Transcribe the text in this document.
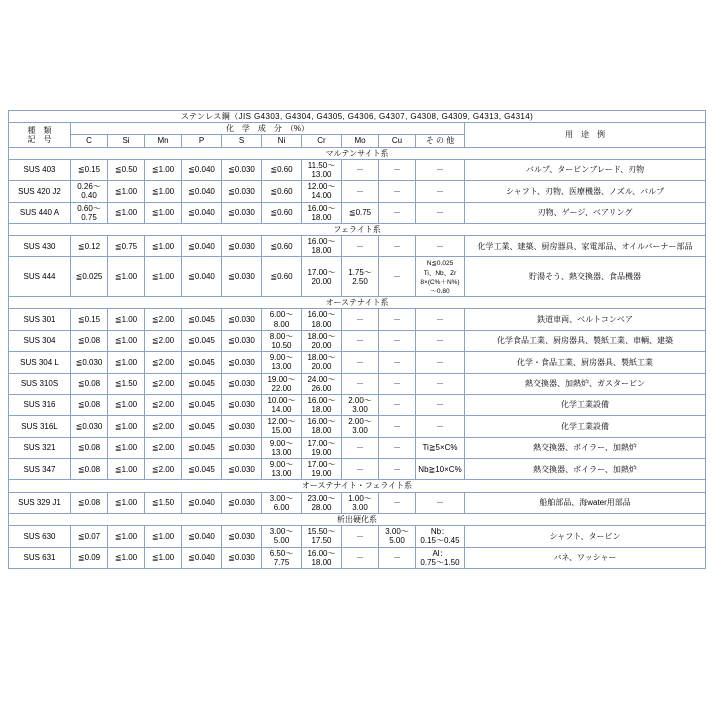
ステンレス鋼（JIS G4303, G4304, G4305, G4306, G4307, G4308, G4309, G4313, G4314)											
種　類
記　号	化　学　成　分　（%）										用　途　例
	C	Si	Mn	P	S	Ni	Cr	Mo	Cu	そ の 他	
マルテンサイト系											
SUS 403	≦0.15	≦0.50	≦1.00	≦0.040	≦0.030	≦0.60	11.50～
13.00	－	－	－	バルブ、タービンブレード、刃物
SUS 420 J2	0.26～
0.40	≦1.00	≦1.00	≦0.040	≦0.030	≦0.60	12.00～
14.00	－	－	－	シャフト、刃物、医療機器、ノズル、バルブ
SUS 440 A	0.60～
0.75	≦1.00	≦1.00	≦0.040	≦0.030	≦0.60	16.00～
18.00	≦0.75	－	－	刃物、ゲージ、ベアリング
フェライト系											
SUS 430	≦0.12	≦0.75	≦1.00	≦0.040	≦0.030	≦0.60	16.00～
18.00	－	－	－	化学工業、建築、厨房器具、家電部品、オイルバーナー部品
SUS 444	≦0.025	≦1.00	≦1.00	≦0.040	≦0.030	≦0.60	17.00～
20.00	1.75～
2.50	－	N≦0.025
Ti、Nb、Zr
8×(C%＋N%)～0.80	貯湯そう、熱交換器、食品機器
オーステナイト系											
SUS 301	≦0.15	≦1.00	≦2.00	≦0.045	≦0.030	6.00～
8.00	16.00～
18.00	－	－	－	鉄道車両、ベルトコンベア
SUS 304	≦0.08	≦1.00	≦2.00	≦0.045	≦0.030	8.00～
10.50	18.00～
20.00	－	－	－	化学食品工業、厨房器具、製紙工業、車輌、建築
SUS 304 L	≦0.030	≦1.00	≦2.00	≦0.045	≦0.030	9.00～
13.00	18.00～
20.00	－	－	－	化学・食品工業、厨房器具、製紙工業
SUS 310S	≦0.08	≦1.50	≦2.00	≦0.045	≦0.030	19.00～
22.00	24.00～
26.00	－	－	－	熱交換器、加熱炉、ガスタービン
SUS 316	≦0.08	≦1.00	≦2.00	≦0.045	≦0.030	10.00～
14.00	16.00～
18.00	2.00～
3.00	－	－	化学工業設備
SUS 316L	≦0.030	≦1.00	≦2.00	≦0.045	≦0.030	12.00～
15.00	16.00～
18.00	2.00～
3.00	－	－	化学工業設備
SUS 321	≦0.08	≦1.00	≦2.00	≦0.045	≦0.030	9.00～
13.00	17.00～
19.00	－	－	Ti≧5×C%	熱交換器、ボイラー、加熱炉
SUS 347	≦0.08	≦1.00	≦2.00	≦0.045	≦0.030	9.00～
13.00	17.00～
19.00	－	－	Nb≧10×C%	熱交換器、ボイラー、加熱炉
オーステナイト・フェライト系											
SUS 329 J1	≦0.08	≦1.00	≦1.50	≦0.040	≦0.030	3.00～
6.00	23.00～
28.00	1.00～
3.00	－	－	船舶部品、海water用部品
析出硬化系											
SUS 630	≦0.07	≦1.00	≦1.00	≦0.040	≦0.030	3.00～
5.00	15.50～
17.50	－	3.00～
5.00	Nb：
0.15～0.45	シャフト、タービン
SUS 631	≦0.09	≦1.00	≦1.00	≦0.040	≦0.030	6.50～
7.75	16.00～
18.00	－	－	Al：
0.75～1.50	バネ、ワッシャー
